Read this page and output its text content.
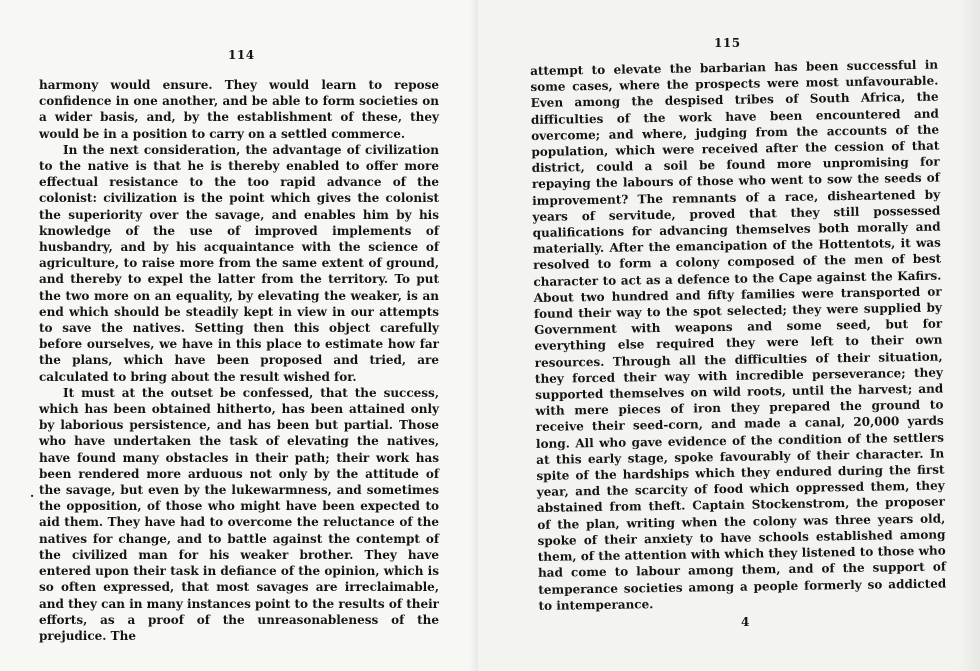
114

harmony would ensure. They would learn to repose confidence in one another, and be able to form societies on a wider basis, and, by the establishment of these, they would be in a position to carry on a settled commerce.

In the next consideration, the advantage of civilization to the native is that he is thereby enabled to offer more effectual resistance to the too rapid advance of the colonist: civilization is the point which gives the colonist the superiority over the savage, and enables him by his knowledge of the use of improved implements of husbandry, and by his acquaintance with the science of agriculture, to raise more from the same extent of ground, and thereby to expel the latter from the territory. To put the two more on an equality, by elevating the weaker, is an end which should be steadily kept in view in our attempts to save the natives. Setting then this object carefully before ourselves, we have in this place to estimate how far the plans, which have been proposed and tried, are calculated to bring about the result wished for.

It must at the outset be confessed, that the success, which has been obtained hitherto, has been attained only by laborious persistence, and has been but partial. Those who have undertaken the task of elevating the natives, have found many obstacles in their path; their work has been rendered more arduous not only by the attitude of the savage, but even by the lukewarmness, and sometimes the opposition, of those who might have been expected to aid them. They have had to overcome the reluctance of the natives for change, and to battle against the contempt of the civilized man for his weaker brother. They have entered upon their task in defiance of the opinion, which is so often expressed, that most savages are irreclaimable, and they can in many instances point to the results of their efforts, as a proof of the unreasonableness of the prejudice. The

.
115

attempt to elevate the barbarian has been successful in some cases, where the prospects were most unfavourable. Even among the despised tribes of South Africa, the difficulties of the work have been encountered and overcome; and where, judging from the accounts of the population, which were received after the cession of that district, could a soil be found more unpromising for repaying the labours of those who went to sow the seeds of improvement? The remnants of a race, disheartened by years of servitude, proved that they still possessed qualifications for advancing themselves both morally and materially. After the emancipation of the Hottentots, it was resolved to form a colony composed of the men of best character to act as a defence to the Cape against the Kafirs. About two hundred and fifty families were transported or found their way to the spot selected; they were supplied by Government with weapons and some seed, but for everything else required they were left to their own resources. Through all the difficulties of their situation, they forced their way with incredible perseverance; they supported themselves on wild roots, until the harvest; and with mere pieces of iron they prepared the ground to receive their seed-corn, and made a canal, 20,000 yards long. All who gave evidence of the condition of the settlers at this early stage, spoke favourably of their character. In spite of the hardships which they endured during the first year, and the scarcity of food which oppressed them, they abstained from theft. Captain Stockenstrom, the proposer of the plan, writing when the colony was three years old, spoke of their anxiety to have schools established among them, of the attention with which they listened to those who had come to labour among them, and of the support of temperance societies among a people formerly so addicted to intemperance.

4
